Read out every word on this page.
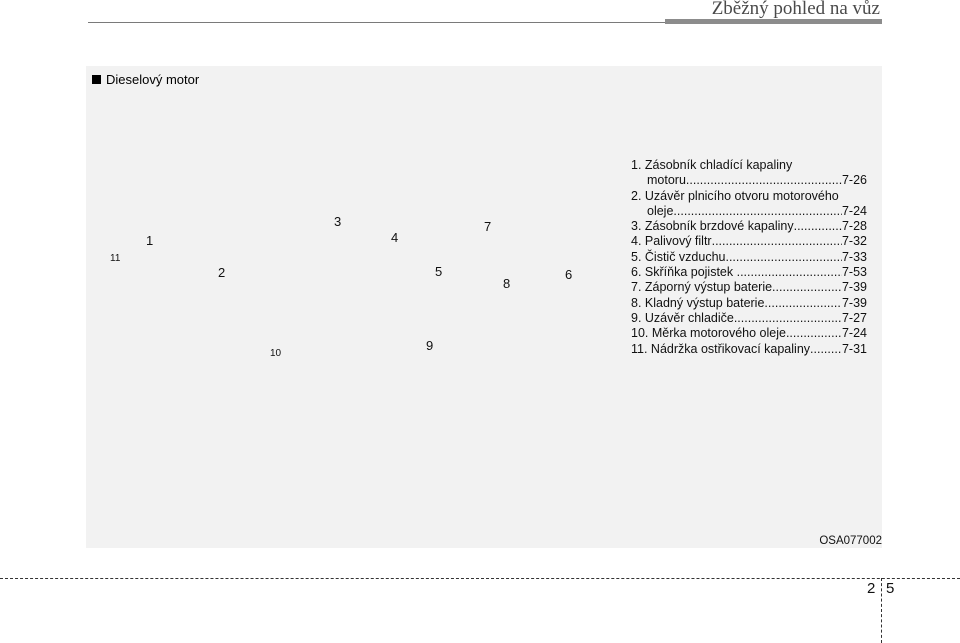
Zběžný pohled na vůz
Dieselový motor
1
2
3
4
5	6
7
8
9
10
11
1. Zásobník chladící kapaliny
motoru .....	7-26
2. Uzávěr plnicího otvoru motorového
oleje .....	7-24
3. Zásobník brzdové kapaliny .....	7-28
4. Palivový filtr .....	7-32
5. Čistič vzduchu .....	7-33
6. Skříňka pojistek .....	7-53
7. Záporný výstup baterie .....	7-39
8. Kladný výstup baterie .....	7-39
9. Uzávěr chladiče .....	7-27
10. Měrka motorového oleje .....	7-24
11. Nádržka ostřikovací kapaliny .....	7-31
OSA077002
2 5
